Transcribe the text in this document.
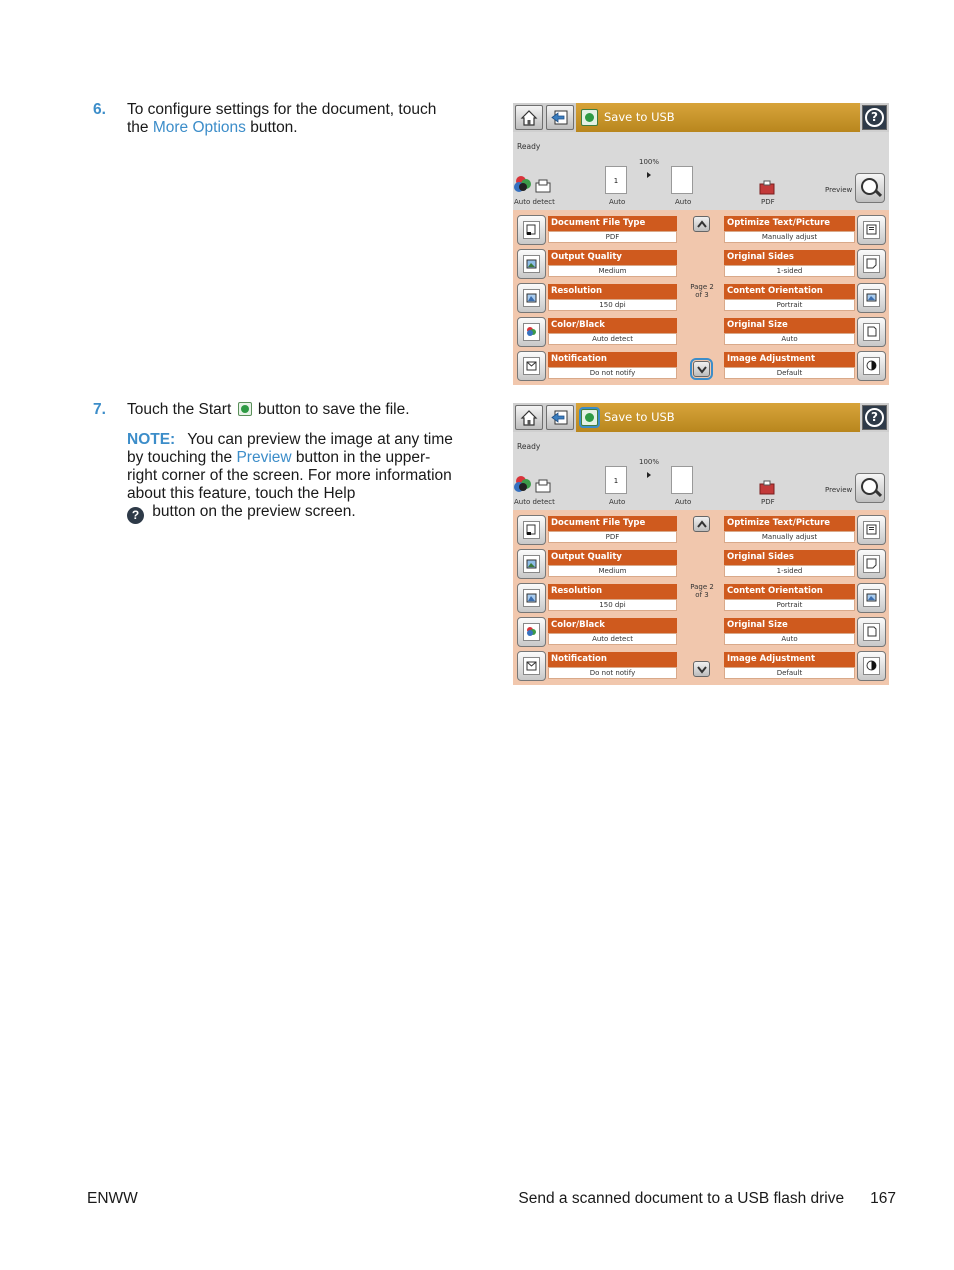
6. To configure settings for the document, touch the More Options button.
7. Touch the Start  button to save the file.
NOTE: You can preview the image at any time by touching the Preview button in the upper-right corner of the screen. For more information about this feature, touch the Help
? button on the preview screen.
Save to USB	?
Ready
Auto detect
100%
1
Auto	Auto	PDF
Preview
Document File Type
PDF
Optimize Text/Picture
Manually adjust
Output Quality
Medium
Original Sides
1-sided
Resolution
150 dpi
Content Orientation
Portrait
Color/Black
Auto detect
Original Size
Auto
Notification
Do not notify
Image Adjustment
Default
Page 2
of 3
Save to USB	?
Ready
Auto detect
100%
1
Auto	Auto	PDF
Preview
Document File Type
PDF
Optimize Text/Picture
Manually adjust
Output Quality
Medium
Original Sides
1-sided
Resolution
150 dpi
Content Orientation
Portrait
Color/Black
Auto detect
Original Size
Auto
Notification
Do not notify
Image Adjustment
Default
Page 2
of 3
ENWW	Send a scanned document to a USB flash drive 167
